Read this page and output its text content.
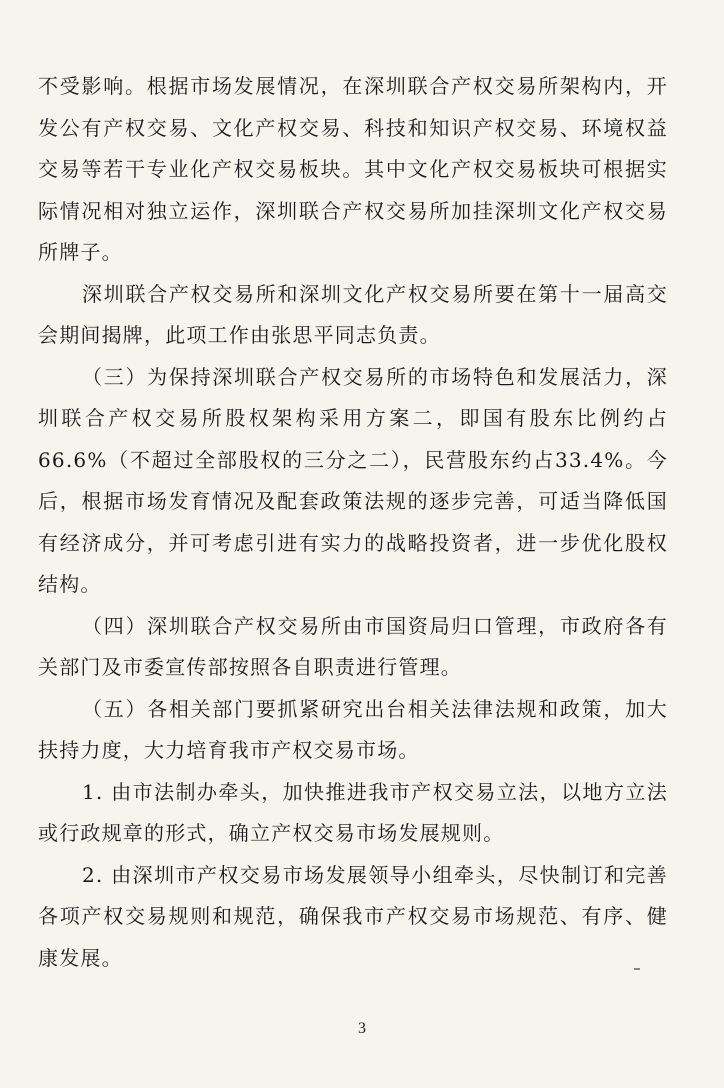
不受影响。根据市场发展情况，在深圳联合产权交易所架构内，开发公有产权交易、文化产权交易、科技和知识产权交易、环境权益交易等若干专业化产权交易板块。其中文化产权交易板块可根据实际情况相对独立运作，深圳联合产权交易所加挂深圳文化产权交易所牌子。

深圳联合产权交易所和深圳文化产权交易所要在第十一届高交会期间揭牌，此项工作由张思平同志负责。

（三）为保持深圳联合产权交易所的市场特色和发展活力，深圳联合产权交易所股权架构采用方案二，即国有股东比例约占66.6%（不超过全部股权的三分之二），民营股东约占33.4%。今后，根据市场发育情况及配套政策法规的逐步完善，可适当降低国有经济成分，并可考虑引进有实力的战略投资者，进一步优化股权结构。

（四）深圳联合产权交易所由市国资局归口管理，市政府各有关部门及市委宣传部按照各自职责进行管理。

（五）各相关部门要抓紧研究出台相关法律法规和政策，加大扶持力度，大力培育我市产权交易市场。

1. 由市法制办牵头，加快推进我市产权交易立法，以地方立法或行政规章的形式，确立产权交易市场发展规则。

2. 由深圳市产权交易市场发展领导小组牵头，尽快制订和完善各项产权交易规则和规范，确保我市产权交易市场规范、有序、健康发展。

3
